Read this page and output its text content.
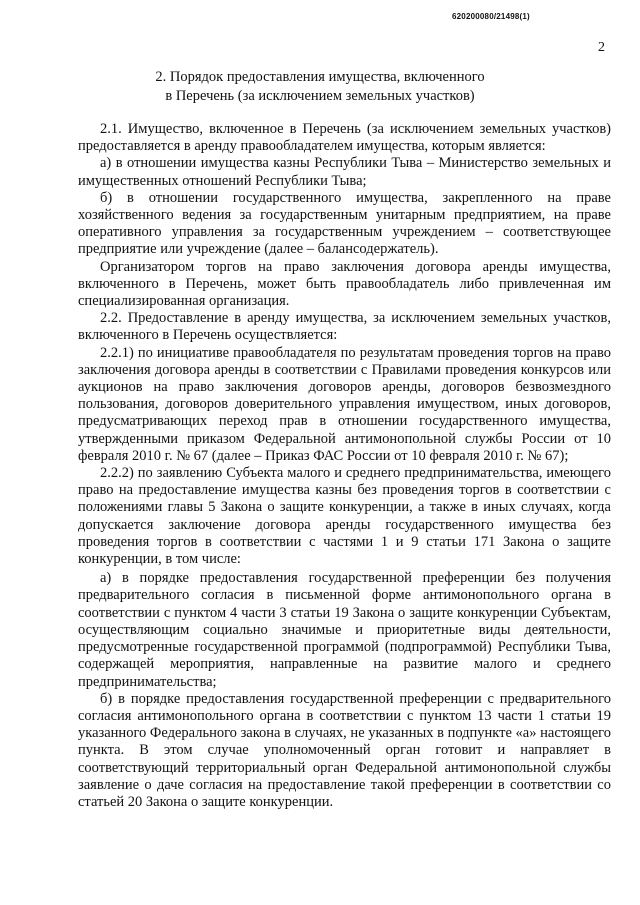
620200080/21498(1)
2
2. Порядок предоставления имущества, включенного
в Перечень (за исключением земельных участков)

2.1. Имущество, включенное в Перечень (за исключением земельных участков) предоставляется в аренду правообладателем имущества, которым является:

а) в отношении имущества казны Республики Тыва – Министерство земельных и имущественных отношений Республики Тыва;

б) в отношении государственного имущества, закрепленного на праве хозяйственного ведения за государственным унитарным предприятием, на праве оперативного управления за государственным учреждением – соответствующее предприятие или учреждение (далее – балансодержатель).

Организатором торгов на право заключения договора аренды имущества, включенного в Перечень, может быть правообладатель либо привлеченная им специализированная организация.

2.2. Предоставление в аренду имущества, за исключением земельных участков, включенного в Перечень осуществляется:

2.2.1) по инициативе правообладателя по результатам проведения торгов на право заключения договора аренды в соответствии с Правилами проведения конкурсов или аукционов на право заключения договоров аренды, договоров безвозмездного пользования, договоров доверительного управления имуществом, иных договоров, предусматривающих переход прав в отношении государственного имущества, утвержденными приказом Федеральной антимонопольной службы России от 10 февраля 2010 г. № 67 (далее – Приказ ФАС России от 10 февраля 2010 г. № 67);

2.2.2) по заявлению Субъекта малого и среднего предпринимательства, имеющего право на предоставление имущества казны без проведения торгов в соответствии с положениями главы 5 Закона о защите конкуренции, а также в иных случаях, когда допускается заключение договора аренды государственного имущества без проведения торгов в соответствии с частями 1 и 9 статьи 171 Закона о защите конкуренции, в том числе:

а) в порядке предоставления государственной преференции без получения предварительного согласия в письменной форме антимонопольного органа в соответствии с пунктом 4 части 3 статьи 19 Закона о защите конкуренции Субъектам, осуществляющим социально значимые и приоритетные виды деятельности, предусмотренные государственной программой (подпрограммой) Республики Тыва, содержащей мероприятия, направленные на развитие малого и среднего предпринимательства;

б) в порядке предоставления государственной преференции с предварительного согласия антимонопольного органа в соответствии с пунктом 13 части 1 статьи 19 указанного Федерального закона в случаях, не указанных в подпункте «а» настоящего пункта. В этом случае уполномоченный орган готовит и направляет в соответствующий территориальный орган Федеральной антимонопольной службы заявление о даче согласия на предоставление такой преференции в соответствии со статьей 20 Закона о защите конкуренции.
